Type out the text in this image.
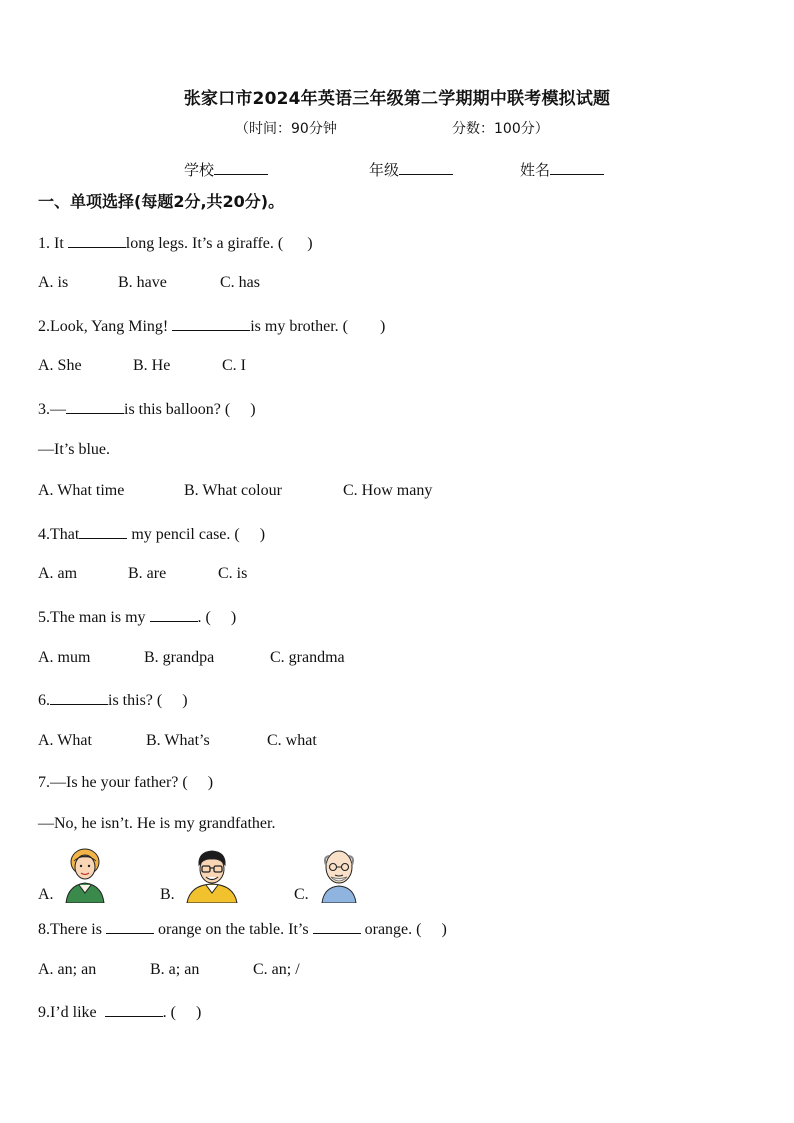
张家口市2024年英语三年级第二学期期中联考模拟试题
（时间：90分钟	分数：100分）
学校	年级	姓名
一、单项选择(每题2分,共20分)。
1. It	long legs. It’s a giraffe. (      )
A. is	B. have	C. has
2.Look, Yang Ming!	is my brother. (        )
A. She	B. He	C. I
3.—	is this balloon? (     )
—It’s blue.
A. What time	B. What colour	C. How many
4.That	my pencil case. (     )
A. am	B. are	C. is
5.The man is my	. (     )
A. mum	B. grandpa	C. grandma
6.	is this? (     )
A. What	B. What’s	C. what
7.—Is he your father? (     )
—No, he isn’t. He is my grandfather.
A.	B.	C.
8.There is	orange on the table. It’s	orange. (     )
A. an; an	B. a; an	C. an; /
9.I’d like	. (     )
